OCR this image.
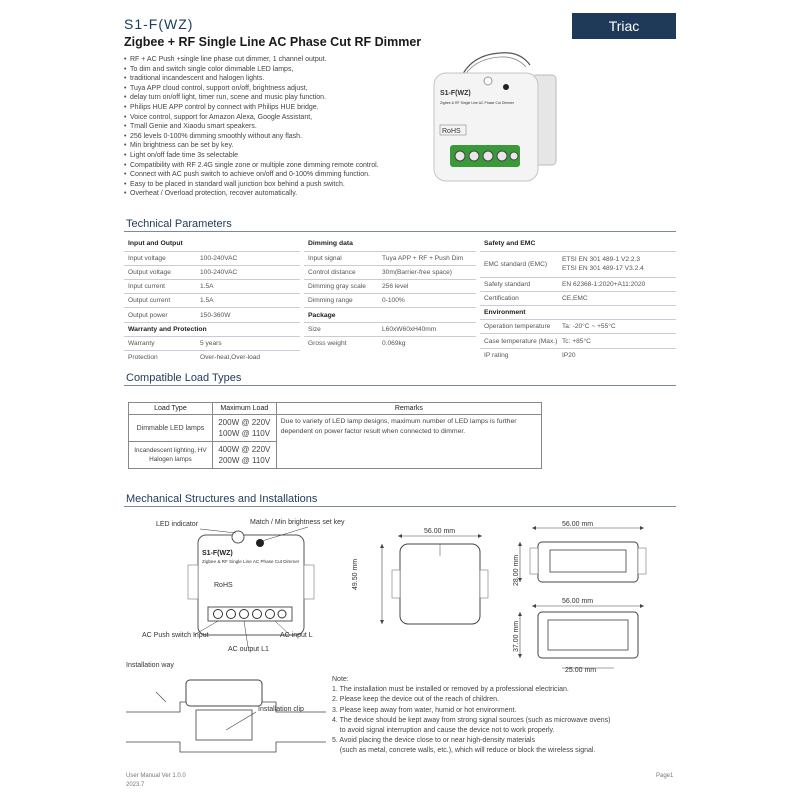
S1-F(WZ)
Zigbee + RF Single Line AC Phase Cut RF Dimmer
Triac
• RF + AC Push +single line phase cut dimmer, 1 channel output.
• To dim and switch single color dimmable LED lamps,
• traditional incandescent and halogen lights.
• Tuya APP cloud control, support on/off, brightness adjust,
• delay turn on/off light, timer run, scene and music play function.
• Philips HUE APP control by connect with Philips HUE bridge.
• Voice control, support for Amazon Alexa, Google Assistant,
• Tmall Genie and Xiaodu smart speakers.
• 256 levels 0-100% dimming smoothly without any flash.
• Min brightness can be set by key.
• Light on/off fade time 3s selectable
• Compatibility with RF 2.4G single zone or multiple zone dimming remote control.
• Connect with AC push switch to achieve on/off and 0-100% dimming function.
• Easy to be placed in standard wall junction box behind a push switch.
• Overheat / Overload protection, recover automatically.
S1-F(WZ)
Zigbee & RF Single Line AC Phase Cut Dimmer
RoHS
Technical Parameters
Input and Output	
Input voltage	100-240VAC
Output voltage	100-240VAC
Input current	1.5A
Output current	1.5A
Output power	150-360W
Warranty and Protection	
Warranty	5 years
Protection	Over-heat,Over-load
Dimming data	
Input signal	Tuya APP + RF + Push Dim
Control distance	30m(Barrier-free space)
Dimming gray scale	256 level
Dimming range	0-100%
Package	
Size	L60xW60xH40mm
Gross weight	0.069kg
Safety and EMC	
EMC standard (EMC)	ETSI EN 301 489-1 V2.2.3
ETSI EN 301 489-17 V3.2.4

Safety standard	EN 62368-1:2020+A11:2020
Certification	CE,EMC
Environment	
Operation temperature	Ta: -20°C ~ +55°C
Case temperature (Max.)	Tc: +85°C
IP rating	IP20
Compatible Load Types
Load Type	Maximum Load	Remarks
Dimmable LED lamps	200W @ 220V
100W @ 110V	Due to variety of LED lamp designs, maximum number of LED lamps is further dependent on power factor result when connected to dimmer.
Incandescent lighting, HV Halogen lamps	400W @ 220V
200W @ 110V	
Mechanical Structures and Installations
S1-F(WZ)
Zigbee & RF Single Line AC Phase Cut Dimmer
RoHS
LED indicator	Match / Min brightness set key
AC Push switch Input	AC input L
AC output L1
56.00 mm
49.50 mm
56.00 mm
28.00 mm
56.00 mm
37.00 mm
25.00 mm
Installation way
Installation clip
Note:
1. The installation must be installed or removed by a professional electrician.
2. Please keep the device out of the reach of children.
3. Please keep away from water, humid or hot environment.
4. The device should be kept away from strong signal sources (such as microwave ovens)
to avoid signal interruption and cause the device not to work properly.
5. Avoid placing the device close to or near high-density materials
(such as metal, concrete walls, etc.), which will reduce or block the wireless signal.
User Manual Ver 1.0.0
2023.7
Page1
